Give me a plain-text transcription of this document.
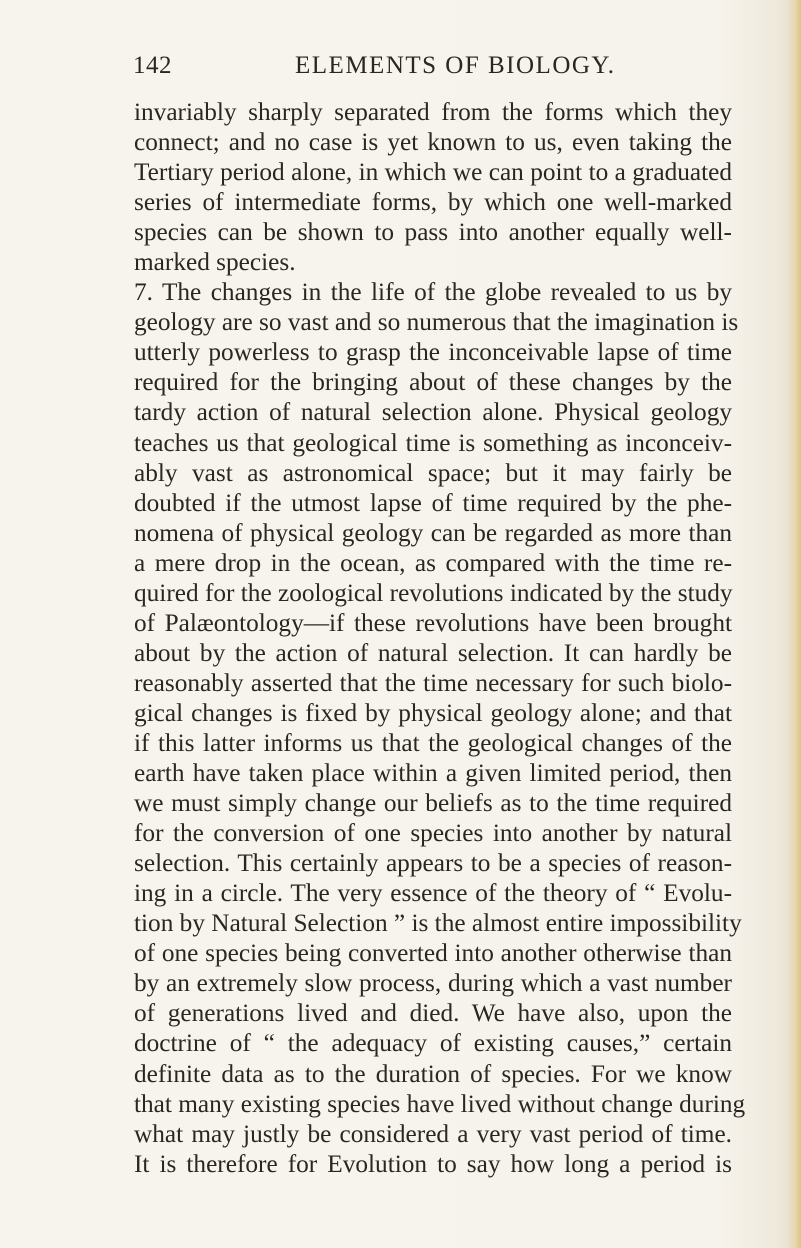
142	ELEMENTS OF BIOLOGY.
invariably sharply separated from the forms which they
connect; and no case is yet known to us, even taking the
Tertiary period alone, in which we can point to a graduated
series of intermediate forms, by which one well-marked
species can be shown to pass into another equally well-
marked species.
7. The changes in the life of the globe revealed to us by
geology are so vast and so numerous that the imagination is
utterly powerless to grasp the inconceivable lapse of time
required for the bringing about of these changes by the
tardy action of natural selection alone. Physical geology
teaches us that geological time is something as inconceiv-
ably vast as astronomical space; but it may fairly be
doubted if the utmost lapse of time required by the phe-
nomena of physical geology can be regarded as more than
a mere drop in the ocean, as compared with the time re-
quired for the zoological revolutions indicated by the study
of Palæontology—if these revolutions have been brought
about by the action of natural selection. It can hardly be
reasonably asserted that the time necessary for such biolo-
gical changes is fixed by physical geology alone; and that
if this latter informs us that the geological changes of the
earth have taken place within a given limited period, then
we must simply change our beliefs as to the time required
for the conversion of one species into another by natural
selection. This certainly appears to be a species of reason-
ing in a circle. The very essence of the theory of “ Evolu-
tion by Natural Selection ” is the almost entire impossibility
of one species being converted into another otherwise than
by an extremely slow process, during which a vast number
of generations lived and died. We have also, upon the
doctrine of “ the adequacy of existing causes,” certain
definite data as to the duration of species. For we know
that many existing species have lived without change during
what may justly be considered a very vast period of time.
It is therefore for Evolution to say how long a period is
